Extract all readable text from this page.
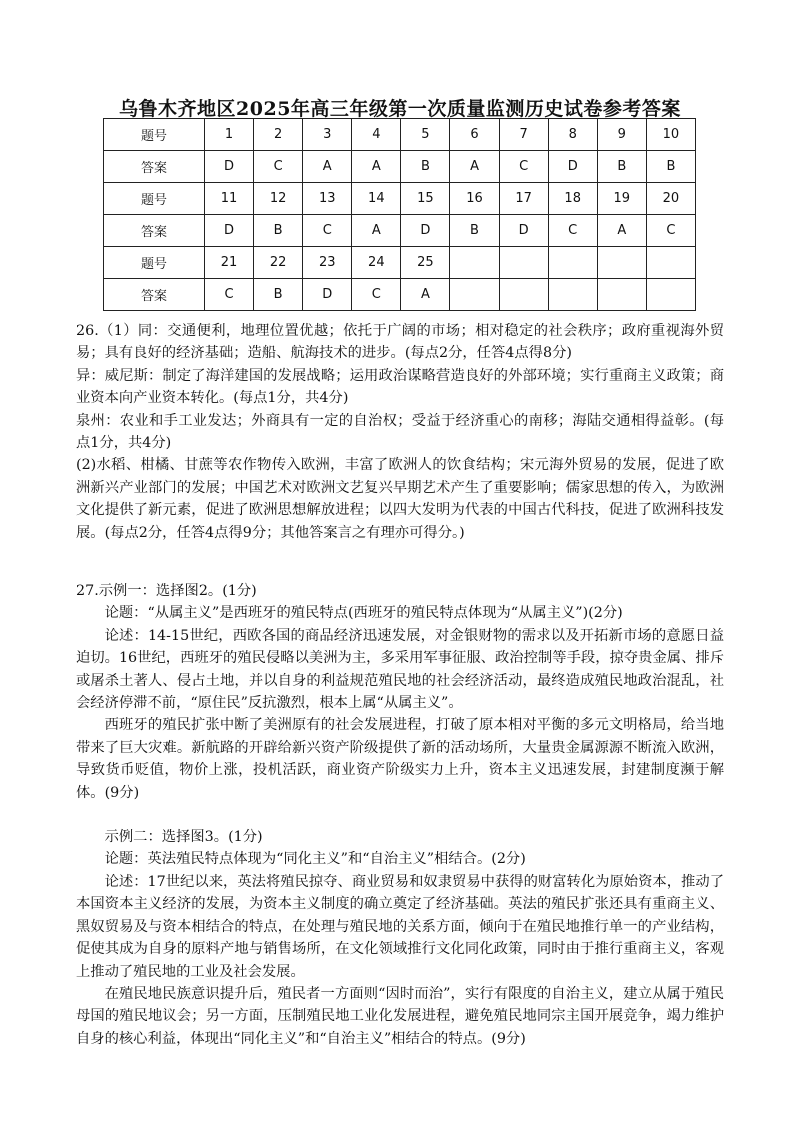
乌鲁木齐地区2025年高三年级第一次质量监测历史试卷参考答案
题号	1	2	3	4	5	6	7	8	9	10
答案	D	C	A	A	B	A	C	D	B	B
题号	11	12	13	14	15	16	17	18	19	20
答案	D	B	C	A	D	B	D	C	A	C
题号	21	22	23	24	25					
答案	C	B	D	C	A					

26.（1）同：交通便利，地理位置优越；依托于广阔的市场；相对稳定的社会秩序；政府重视海外贸易；具有良好的经济基础；造船、航海技术的进步。(每点2分，任答4点得8分)

异：威尼斯：制定了海洋建国的发展战略；运用政治谋略营造良好的外部环境；实行重商主义政策；商业资本向产业资本转化。(每点1分，共4分)

泉州：农业和手工业发达；外商具有一定的自治权；受益于经济重心的南移；海陆交通相得益彰。(每点1分，共4分)

(2)水稻、柑橘、甘蔗等农作物传入欧洲，丰富了欧洲人的饮食结构；宋元海外贸易的发展，促进了欧洲新兴产业部门的发展；中国艺术对欧洲文艺复兴早期艺术产生了重要影响；儒家思想的传入，为欧洲文化提供了新元素，促进了欧洲思想解放进程；以四大发明为代表的中国古代科技，促进了欧洲科技发展。(每点2分，任答4点得9分；其他答案言之有理亦可得分。)

27.示例一：选择图2。(1分)

论题：“从属主义”是西班牙的殖民特点(西班牙的殖民特点体现为“从属主义”)(2分)

论述：14-15世纪，西欧各国的商品经济迅速发展，对金银财物的需求以及开拓新市场的意愿日益迫切。16世纪，西班牙的殖民侵略以美洲为主，多采用军事征服、政治控制等手段，掠夺贵金属、排斥或屠杀土著人、侵占土地，并以自身的利益规范殖民地的社会经济活动，最终造成殖民地政治混乱，社会经济停滞不前，“原住民”反抗激烈，根本上属“从属主义”。

西班牙的殖民扩张中断了美洲原有的社会发展进程，打破了原本相对平衡的多元文明格局，给当地带来了巨大灾难。新航路的开辟给新兴资产阶级提供了新的活动场所，大量贵金属源源不断流入欧洲，导致货币贬值，物价上涨，投机活跃，商业资产阶级实力上升，资本主义迅速发展，封建制度濒于解体。(9分)

示例二：选择图3。(1分)

论题：英法殖民特点体现为“同化主义”和“自治主义”相结合。(2分)

论述：17世纪以来，英法将殖民掠夺、商业贸易和奴隶贸易中获得的财富转化为原始资本，推动了本国资本主义经济的发展，为资本主义制度的确立奠定了经济基础。英法的殖民扩张还具有重商主义、黑奴贸易及与资本相结合的特点，在处理与殖民地的关系方面，倾向于在殖民地推行单一的产业结构，促使其成为自身的原料产地与销售场所，在文化领域推行文化同化政策，同时由于推行重商主义，客观上推动了殖民地的工业及社会发展。

在殖民地民族意识提升后，殖民者一方面则“因时而治”，实行有限度的自治主义，建立从属于殖民母国的殖民地议会；另一方面，压制殖民地工业化发展进程，避免殖民地同宗主国开展竞争，竭力维护自身的核心利益，体现出“同化主义”和“自治主义”相结合的特点。(9分)
